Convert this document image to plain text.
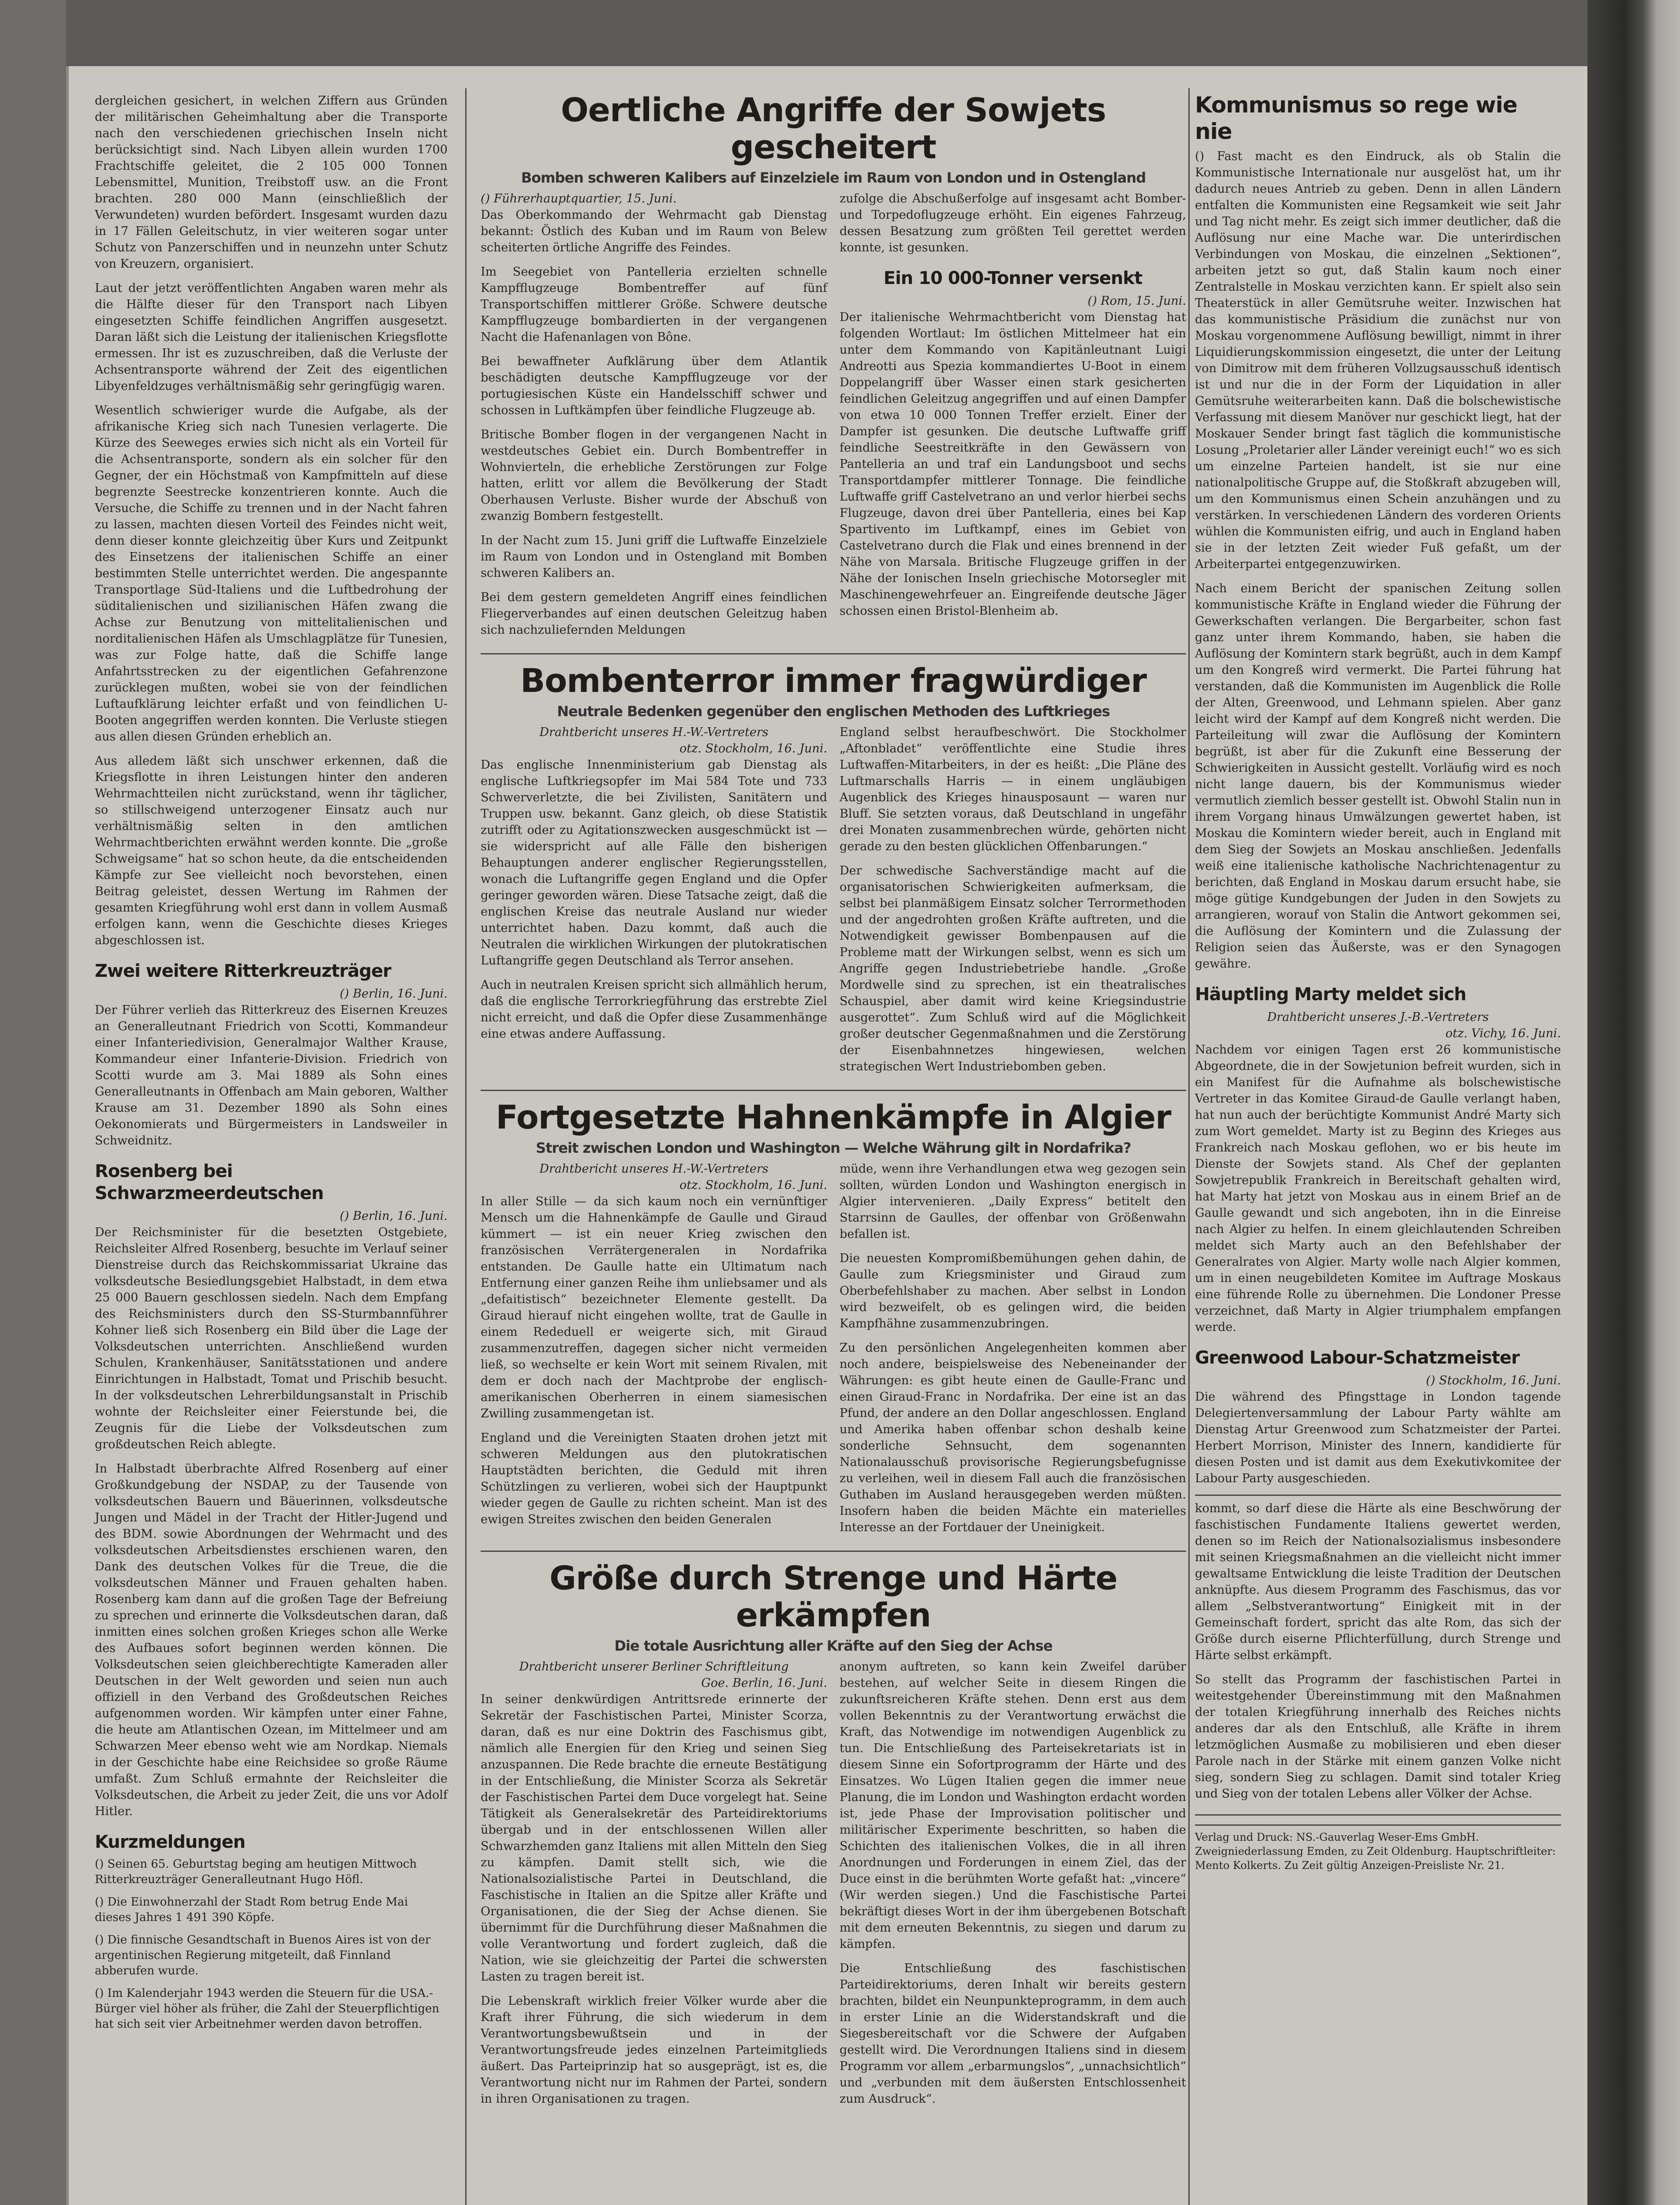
dergleichen gesichert, in welchen Ziffern aus Gründen der militärischen Geheimhaltung aber die Transporte nach den verschiedenen griechischen Inseln nicht berücksichtigt sind. Nach Libyen allein wurden 1700 Frachtschiffe geleitet, die 2 105 000 Tonnen Lebensmittel, Munition, Treibstoff usw. an die Front brachten. 280 000 Mann (einschließlich der Verwundeten) wurden befördert. Insgesamt wurden dazu in 17 Fällen Geleitschutz, in vier weiteren sogar unter Schutz von Panzerschiffen und in neunzehn unter Schutz von Kreuzern, organisiert.

Laut der jetzt veröffentlichten Angaben waren mehr als die Hälfte dieser für den Transport nach Libyen eingesetzten Schiffe feindlichen Angriffen ausgesetzt. Daran läßt sich die Leistung der italienischen Kriegsflotte ermessen. Ihr ist es zuzuschreiben, daß die Verluste der Achsentransporte während der Zeit des eigentlichen Libyenfeldzuges verhältnismäßig sehr geringfügig waren.

Wesentlich schwieriger wurde die Aufgabe, als der afrikanische Krieg sich nach Tunesien verlagerte. Die Kürze des Seeweges erwies sich nicht als ein Vorteil für die Achsentransporte, sondern als ein solcher für den Gegner, der ein Höchstmaß von Kampfmitteln auf diese begrenzte Seestrecke konzentrieren konnte. Auch die Versuche, die Schiffe zu trennen und in der Nacht fahren zu lassen, machten diesen Vorteil des Feindes nicht weit, denn dieser konnte gleichzeitig über Kurs und Zeitpunkt des Einsetzens der italienischen Schiffe an einer bestimmten Stelle unterrichtet werden. Die angespannte Transportlage Süd-Italiens und die Luftbedrohung der süditalienischen und sizilianischen Häfen zwang die Achse zur Benutzung von mittelitalienischen und norditalienischen Häfen als Umschlagplätze für Tunesien, was zur Folge hatte, daß die Schiffe lange Anfahrtsstrecken zu der eigentlichen Gefahrenzone zurücklegen mußten, wobei sie von der feindlichen Luftaufklärung leichter erfaßt und von feindlichen U-Booten angegriffen werden konnten. Die Verluste stiegen aus allen diesen Gründen erheblich an.

Aus alledem läßt sich unschwer erkennen, daß die Kriegsflotte in ihren Leistungen hinter den anderen Wehrmachtteilen nicht zurückstand, wenn ihr täglicher, so stillschweigend unterzogener Einsatz auch nur verhältnismäßig selten in den amtlichen Wehrmachtberichten erwähnt werden konnte. Die „große Schweigsame“ hat so schon heute, da die entscheidenden Kämpfe zur See vielleicht noch bevorstehen, einen Beitrag geleistet, dessen Wertung im Rahmen der gesamten Kriegführung wohl erst dann in vollem Ausmaß erfolgen kann, wenn die Geschichte dieses Krieges abgeschlossen ist.

Zwei weitere Ritterkreuzträger

() Berlin, 16. Juni.

Der Führer verlieh das Ritterkreuz des Eisernen Kreuzes an Generalleutnant Friedrich von Scotti, Kommandeur einer Infanteriedivision, Generalmajor Walther Krause, Kommandeur einer Infanterie-Division. Friedrich von Scotti wurde am 3. Mai 1889 als Sohn eines Generalleutnants in Offenbach am Main geboren, Walther Krause am 31. Dezember 1890 als Sohn eines Oekonomierats und Bürgermeisters in Landsweiler in Schweidnitz.

Rosenberg bei Schwarzmeerdeutschen

() Berlin, 16. Juni.

Der Reichsminister für die besetzten Ostgebiete, Reichsleiter Alfred Rosenberg, besuchte im Verlauf seiner Dienstreise durch das Reichskommissariat Ukraine das volksdeutsche Besiedlungsgebiet Halbstadt, in dem etwa 25 000 Bauern geschlossen siedeln. Nach dem Empfang des Reichsministers durch den SS-Sturmbannführer Kohner ließ sich Rosenberg ein Bild über die Lage der Volksdeutschen unterrichten. Anschließend wurden Schulen, Krankenhäuser, Sanitätsstationen und andere Einrichtungen in Halbstadt, Tomat und Prischib besucht. In der volksdeutschen Lehrerbildungsanstalt in Prischib wohnte der Reichsleiter einer Feierstunde bei, die Zeugnis für die Liebe der Volksdeutschen zum großdeutschen Reich ablegte.

In Halbstadt überbrachte Alfred Rosenberg auf einer Großkundgebung der NSDAP, zu der Tausende von volksdeutschen Bauern und Bäuerinnen, volksdeutsche Jungen und Mädel in der Tracht der Hitler-Jugend und des BDM. sowie Abordnungen der Wehrmacht und des volksdeutschen Arbeitsdienstes erschienen waren, den Dank des deutschen Volkes für die Treue, die die volksdeutschen Männer und Frauen gehalten haben. Rosenberg kam dann auf die großen Tage der Befreiung zu sprechen und erinnerte die Volksdeutschen daran, daß inmitten eines solchen großen Krieges schon alle Werke des Aufbaues sofort beginnen werden können. Die Volksdeutschen seien gleichberechtigte Kameraden aller Deutschen in der Welt geworden und seien nun auch offiziell in den Verband des Großdeutschen Reiches aufgenommen worden. Wir kämpfen unter einer Fahne, die heute am Atlantischen Ozean, im Mittelmeer und am Schwarzen Meer ebenso weht wie am Nordkap. Niemals in der Geschichte habe eine Reichsidee so große Räume umfaßt. Zum Schluß ermahnte der Reichsleiter die Volksdeutschen, die Arbeit zu jeder Zeit, die uns vor Adolf Hitler.

Kurzmeldungen

() Seinen 65. Geburtstag beging am heutigen Mittwoch Ritterkreuzträger Generalleutnant Hugo Höfl.

() Die Einwohnerzahl der Stadt Rom betrug Ende Mai dieses Jahres 1 491 390 Köpfe.

() Die finnische Gesandtschaft in Buenos Aires ist von der argentinischen Regierung mitgeteilt, daß Finnland abberufen wurde.

() Im Kalenderjahr 1943 werden die Steuern für die USA.-Bürger viel höher als früher, die Zahl der Steuerpflichtigen hat sich seit vier Arbeitnehmer werden davon betroffen.

Oertliche Angriffe der Sowjets gescheitert
Bomben schweren Kalibers auf Einzelziele im Raum von London und in Ostengland

() Führerhauptquartier, 15. Juni.

Das Oberkommando der Wehrmacht gab Dienstag bekannt: Östlich des Kuban und im Raum von Belew scheiterten örtliche Angriffe des Feindes.

Im Seegebiet von Pantelleria erzielten schnelle Kampfflugzeuge Bombentreffer auf fünf Transportschiffen mittlerer Größe. Schwere deutsche Kampfflugzeuge bombardierten in der vergangenen Nacht die Hafenanlagen von Bône.

Bei bewaffneter Aufklärung über dem Atlantik beschädigten deutsche Kampfflugzeuge vor der portugiesischen Küste ein Handelsschiff schwer und schossen in Luftkämpfen über feindliche Flugzeuge ab.

Britische Bomber flogen in der vergangenen Nacht in westdeutsches Gebiet ein. Durch Bombentreffer in Wohnvierteln, die erhebliche Zerstörungen zur Folge hatten, erlitt vor allem die Bevölkerung der Stadt Oberhausen Verluste. Bisher wurde der Abschuß von zwanzig Bombern festgestellt.

In der Nacht zum 15. Juni griff die Luftwaffe Einzelziele im Raum von London und in Ostengland mit Bomben schweren Kalibers an.

Bei dem gestern gemeldeten Angriff eines feindlichen Fliegerverbandes auf einen deutschen Geleitzug haben sich nachzuliefernden Meldungen

zufolge die Abschußerfolge auf insgesamt acht Bomber- und Torpedoflugzeuge erhöht. Ein eigenes Fahrzeug, dessen Besatzung zum größten Teil gerettet werden konnte, ist gesunken.

Ein 10 000-Tonner versenkt

() Rom, 15. Juni.

Der italienische Wehrmachtbericht vom Dienstag hat folgenden Wortlaut: Im östlichen Mittelmeer hat ein unter dem Kommando von Kapitänleutnant Luigi Andreotti aus Spezia kommandiertes U-Boot in einem Doppelangriff über Wasser einen stark gesicherten feindlichen Geleitzug angegriffen und auf einen Dampfer von etwa 10 000 Tonnen Treffer erzielt. Einer der Dampfer ist gesunken. Die deutsche Luftwaffe griff feindliche Seestreitkräfte in den Gewässern von Pantelleria an und traf ein Landungsboot und sechs Transportdampfer mittlerer Tonnage. Die feindliche Luftwaffe griff Castelvetrano an und verlor hierbei sechs Flugzeuge, davon drei über Pantelleria, eines bei Kap Spartivento im Luftkampf, eines im Gebiet von Castelvetrano durch die Flak und eines brennend in der Nähe von Marsala. Britische Flugzeuge griffen in der Nähe der Ionischen Inseln griechische Motorsegler mit Maschinengewehrfeuer an. Eingreifende deutsche Jäger schossen einen Bristol-Blenheim ab.

Bombenterror immer fragwürdiger
Neutrale Bedenken gegenüber den englischen Methoden des Luftkrieges

Drahtbericht unseres H.-W.-Vertreters

otz. Stockholm, 16. Juni.

Das englische Innenministerium gab Dienstag als englische Luftkriegsopfer im Mai 584 Tote und 733 Schwerverletzte, die bei Zivilisten, Sanitätern und Truppen usw. bekannt. Ganz gleich, ob diese Statistik zutrifft oder zu Agitationszwecken ausgeschmückt ist — sie widerspricht auf alle Fälle den bisherigen Behauptungen anderer englischer Regierungsstellen, wonach die Luftangriffe gegen England und die Opfer geringer geworden wären. Diese Tatsache zeigt, daß die englischen Kreise das neutrale Ausland nur wieder unterrichtet haben. Dazu kommt, daß auch die Neutralen die wirklichen Wirkungen der plutokratischen Luftangriffe gegen Deutschland als Terror ansehen.

Auch in neutralen Kreisen spricht sich allmählich herum, daß die englische Terrorkriegführung das erstrebte Ziel nicht erreicht, und daß die Opfer diese Zusammenhänge eine etwas andere Auffassung.

England selbst heraufbeschwört. Die Stockholmer „Aftonbladet“ veröffentlichte eine Studie ihres Luftwaffen-Mitarbeiters, in der es heißt: „Die Pläne des Luftmarschalls Harris — in einem ungläubigen Augenblick des Krieges hinausposaunt — waren nur Bluff. Sie setzten voraus, daß Deutschland in ungefähr drei Monaten zusammenbrechen würde, gehörten nicht gerade zu den besten glücklichen Offenbarungen.“

Der schwedische Sachverständige macht auf die organisatorischen Schwierigkeiten aufmerksam, die selbst bei planmäßigem Einsatz solcher Terrormethoden und der angedrohten großen Kräfte auftreten, und die Notwendigkeit gewisser Bombenpausen auf die Probleme matt der Wirkungen selbst, wenn es sich um Angriffe gegen Industriebetriebe handle. „Große Mordwelle sind zu sprechen, ist ein theatralisches Schauspiel, aber damit wird keine Kriegsindustrie ausgerottet“. Zum Schluß wird auf die Möglichkeit großer deutscher Gegenmaßnahmen und die Zerstörung der Eisenbahnnetzes hingewiesen, welchen strategischen Wert Industriebomben geben.

Fortgesetzte Hahnenkämpfe in Algier
Streit zwischen London und Washington — Welche Währung gilt in Nordafrika?

Drahtbericht unseres H.-W.-Vertreters

otz. Stockholm, 16. Juni.

In aller Stille — da sich kaum noch ein vernünftiger Mensch um die Hahnenkämpfe de Gaulle und Giraud kümmert — ist ein neuer Krieg zwischen den französischen Verrätergeneralen in Nordafrika entstanden. De Gaulle hatte ein Ultimatum nach Entfernung einer ganzen Reihe ihm unliebsamer und als „defaitistisch“ bezeichneter Elemente gestellt. Da Giraud hierauf nicht eingehen wollte, trat de Gaulle in einem Rededuell er weigerte sich, mit Giraud zusammenzutreffen, dagegen sicher nicht vermeiden ließ, so wechselte er kein Wort mit seinem Rivalen, mit dem er doch nach der Machtprobe der englisch-amerikanischen Oberherren in einem siamesischen Zwilling zusammengetan ist.

England und die Vereinigten Staaten drohen jetzt mit schweren Meldungen aus den plutokratischen Hauptstädten berichten, die Geduld mit ihren Schützlingen zu verlieren, wobei sich der Hauptpunkt wieder gegen de Gaulle zu richten scheint. Man ist des ewigen Streites zwischen den beiden Generalen

müde, wenn ihre Verhandlungen etwa weg gezogen sein sollten, würden London und Washington energisch in Algier intervenieren. „Daily Express“ betitelt den Starrsinn de Gaulles, der offenbar von Größenwahn befallen ist.

Die neuesten Kompromißbemühungen gehen dahin, de Gaulle zum Kriegsminister und Giraud zum Oberbefehlshaber zu machen. Aber selbst in London wird bezweifelt, ob es gelingen wird, die beiden Kampfhähne zusammenzubringen.

Zu den persönlichen Angelegenheiten kommen aber noch andere, beispielsweise des Nebeneinander der Währungen: es gibt heute einen de Gaulle-Franc und einen Giraud-Franc in Nordafrika. Der eine ist an das Pfund, der andere an den Dollar angeschlossen. England und Amerika haben offenbar schon deshalb keine sonderliche Sehnsucht, dem sogenannten Nationalausschuß provisorische Regierungsbefugnisse zu verleihen, weil in diesem Fall auch die französischen Guthaben im Ausland herausgegeben werden müßten. Insofern haben die beiden Mächte ein materielles Interesse an der Fortdauer der Uneinigkeit.

Größe durch Strenge und Härte erkämpfen
Die totale Ausrichtung aller Kräfte auf den Sieg der Achse

Drahtbericht unserer Berliner Schriftleitung

Goe. Berlin, 16. Juni.

In seiner denkwürdigen Antrittsrede erinnerte der Sekretär der Faschistischen Partei, Minister Scorza, daran, daß es nur eine Doktrin des Faschismus gibt, nämlich alle Energien für den Krieg und seinen Sieg anzuspannen. Die Rede brachte die erneute Bestätigung in der Entschließung, die Minister Scorza als Sekretär der Faschistischen Partei dem Duce vorgelegt hat. Seine Tätigkeit als Generalsekretär des Parteidirektoriums übergab und in der entschlossenen Willen aller Schwarzhemden ganz Italiens mit allen Mitteln den Sieg zu kämpfen. Damit stellt sich, wie die Nationalsozialistische Partei in Deutschland, die Faschistische in Italien an die Spitze aller Kräfte und Organisationen, die der Sieg der Achse dienen. Sie übernimmt für die Durchführung dieser Maßnahmen die volle Verantwortung und fordert zugleich, daß die Nation, wie sie gleichzeitig der Partei die schwersten Lasten zu tragen bereit ist.

Die Lebenskraft wirklich freier Völker wurde aber die Kraft ihrer Führung, die sich wiederum in dem Verantwortungsbewußtsein und in der Verantwortungsfreude jedes einzelnen Parteimitglieds äußert. Das Parteiprinzip hat so ausgeprägt, ist es, die Verantwortung nicht nur im Rahmen der Partei, sondern in ihren Organisationen zu tragen.

anonym auftreten, so kann kein Zweifel darüber bestehen, auf welcher Seite in diesem Ringen die zukunftsreicheren Kräfte stehen. Denn erst aus dem vollen Bekenntnis zu der Verantwortung erwächst die Kraft, das Notwendige im notwendigen Augenblick zu tun. Die Entschließung des Parteisekretariats ist in diesem Sinne ein Sofortprogramm der Härte und des Einsatzes. Wo Lügen Italien gegen die immer neue Planung, die im London und Washington erdacht worden ist, jede Phase der Improvisation politischer und militärischer Experimente beschritten, so haben die Schichten des italienischen Volkes, die in all ihren Anordnungen und Forderungen in einem Ziel, das der Duce einst in die berühmten Worte gefaßt hat: „vincere“ (Wir werden siegen.) Und die Faschistische Partei bekräftigt dieses Wort in der ihm übergebenen Botschaft mit dem erneuten Bekenntnis, zu siegen und darum zu kämpfen.

Die Entschließung des faschistischen Parteidirektoriums, deren Inhalt wir bereits gestern brachten, bildet ein Neunpunkteprogramm, in dem auch in erster Linie an die Widerstandskraft und die Siegesbereitschaft vor die Schwere der Aufgaben gestellt wird. Die Verordnungen Italiens sind in diesem Programm vor allem „erbarmungslos“, „unnachsichtlich“ und „verbunden mit dem äußersten Entschlossenheit zum Ausdruck“.

Kommunismus so rege wie nie

() Fast macht es den Eindruck, als ob Stalin die Kommunistische Internationale nur ausgelöst hat, um ihr dadurch neues Antrieb zu geben. Denn in allen Ländern entfalten die Kommunisten eine Regsamkeit wie seit Jahr und Tag nicht mehr. Es zeigt sich immer deutlicher, daß die Auflösung nur eine Mache war. Die unterirdischen Verbindungen von Moskau, die einzelnen „Sektionen“, arbeiten jetzt so gut, daß Stalin kaum noch einer Zentralstelle in Moskau verzichten kann. Er spielt also sein Theaterstück in aller Gemütsruhe weiter. Inzwischen hat das kommunistische Präsidium die zunächst nur von Moskau vorgenommene Auflösung bewilligt, nimmt in ihrer Liquidierungskommission eingesetzt, die unter der Leitung von Dimitrow mit dem früheren Vollzugsausschuß identisch ist und nur die in der Form der Liquidation in aller Gemütsruhe weiterarbeiten kann. Daß die bolschewistische Verfassung mit diesem Manöver nur geschickt liegt, hat der Moskauer Sender bringt fast täglich die kommunistische Losung „Proletarier aller Länder vereinigt euch!“ wo es sich um einzelne Parteien handelt, ist sie nur eine nationalpolitische Gruppe auf, die Stoßkraft abzugeben will, um den Kommunismus einen Schein anzuhängen und zu verstärken. In verschiedenen Ländern des vorderen Orients wühlen die Kommunisten eifrig, und auch in England haben sie in der letzten Zeit wieder Fuß gefaßt, um der Arbeiterpartei entgegenzuwirken.

Nach einem Bericht der spanischen Zeitung sollen kommunistische Kräfte in England wieder die Führung der Gewerkschaften verlangen. Die Bergarbeiter, schon fast ganz unter ihrem Kommando, haben, sie haben die Auflösung der Komintern stark begrüßt, auch in dem Kampf um den Kongreß wird vermerkt. Die Partei führung hat verstanden, daß die Kommunisten im Augenblick die Rolle der Alten, Greenwood, und Lehmann spielen. Aber ganz leicht wird der Kampf auf dem Kongreß nicht werden. Die Parteileitung will zwar die Auflösung der Komintern begrüßt, ist aber für die Zukunft eine Besserung der Schwierigkeiten in Aussicht gestellt. Vorläufig wird es noch nicht lange dauern, bis der Kommunismus wieder vermutlich ziemlich besser gestellt ist. Obwohl Stalin nun in ihrem Vorgang hinaus Umwälzungen gewertet haben, ist Moskau die Komintern wieder bereit, auch in England mit dem Sieg der Sowjets an Moskau anschließen. Jedenfalls weiß eine italienische katholische Nachrichtenagentur zu berichten, daß England in Moskau darum ersucht habe, sie möge gütige Kundgebungen der Juden in den Sowjets zu arrangieren, worauf von Stalin die Antwort gekommen sei, die Auflösung der Komintern und die Zulassung der Religion seien das Äußerste, was er den Synagogen gewähre.

Häuptling Marty meldet sich

Drahtbericht unseres J.-B.-Vertreters

otz. Vichy, 16. Juni.

Nachdem vor einigen Tagen erst 26 kommunistische Abgeordnete, die in der Sowjetunion befreit wurden, sich in ein Manifest für die Aufnahme als bolschewistische Vertreter in das Komitee Giraud-de Gaulle verlangt haben, hat nun auch der berüchtigte Kommunist André Marty sich zum Wort gemeldet. Marty ist zu Beginn des Krieges aus Frankreich nach Moskau geflohen, wo er bis heute im Dienste der Sowjets stand. Als Chef der geplanten Sowjetrepublik Frankreich in Bereitschaft gehalten wird, hat Marty hat jetzt von Moskau aus in einem Brief an de Gaulle gewandt und sich angeboten, ihn in die Einreise nach Algier zu helfen. In einem gleichlautenden Schreiben meldet sich Marty auch an den Befehlshaber der Generalrates von Algier. Marty wolle nach Algier kommen, um in einen neugebildeten Komitee im Auftrage Moskaus eine führende Rolle zu übernehmen. Die Londoner Presse verzeichnet, daß Marty in Algier triumphalem empfangen werde.

Greenwood Labour-Schatzmeister

() Stockholm, 16. Juni.

Die während des Pfingsttage in London tagende Delegiertenversammlung der Labour Party wählte am Dienstag Artur Greenwood zum Schatzmeister der Partei. Herbert Morrison, Minister des Innern, kandidierte für diesen Posten und ist damit aus dem Exekutivkomitee der Labour Party ausgeschieden.

kommt, so darf diese die Härte als eine Beschwörung der faschistischen Fundamente Italiens gewertet werden, denen so im Reich der Nationalsozialismus insbesondere mit seinen Kriegsmaßnahmen an die vielleicht nicht immer gewaltsame Entwicklung die leiste Tradition der Deutschen anknüpfte. Aus diesem Programm des Faschismus, das vor allem „Selbstverantwortung“ Einigkeit mit in der Gemeinschaft fordert, spricht das alte Rom, das sich der Größe durch eiserne Pflichterfüllung, durch Strenge und Härte selbst erkämpft.

So stellt das Programm der faschistischen Partei in weitestgehender Übereinstimmung mit den Maßnahmen der totalen Kriegführung innerhalb des Reiches nichts anderes dar als den Entschluß, alle Kräfte in ihrem letzmöglichen Ausmaße zu mobilisieren und eben dieser Parole nach in der Stärke mit einem ganzen Volke nicht sieg, sondern Sieg zu schlagen. Damit sind totaler Krieg und Sieg von der totalen Lebens aller Völker der Achse.

Verlag und Druck: NS.-Gauverlag Weser-Ems GmbH. Zweigniederlassung Emden, zu Zeit Oldenburg. Hauptschriftleiter: Mento Kolkerts. Zu Zeit gültig Anzeigen-Preisliste Nr. 21.
